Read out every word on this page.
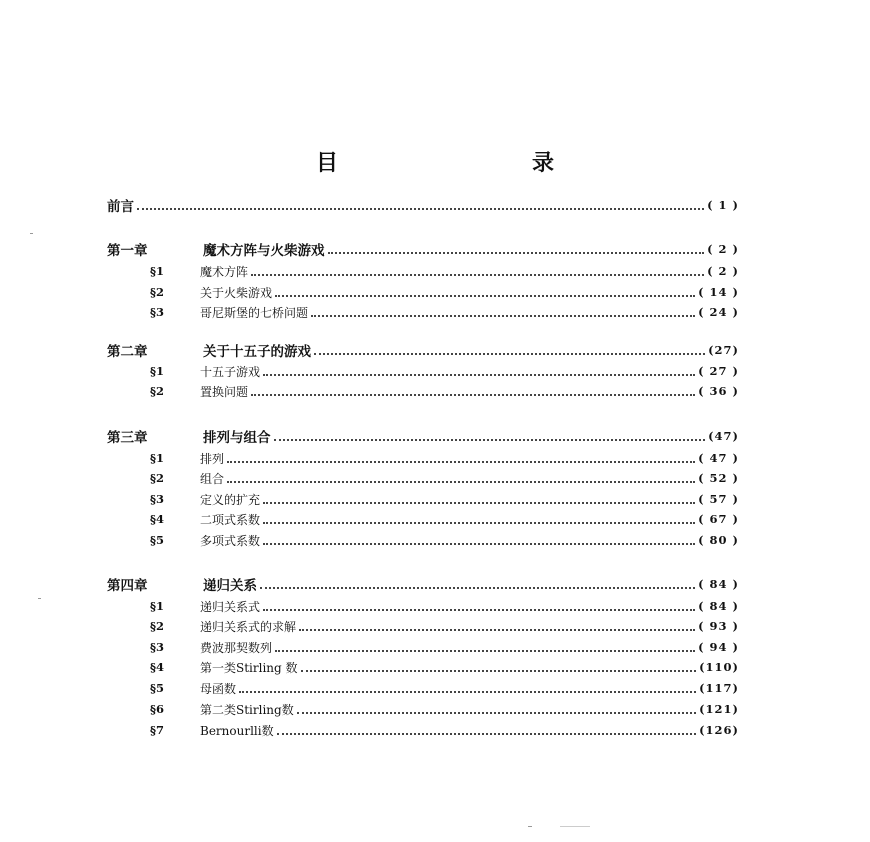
目　录
前言	( 1 )
第一章	魔术方阵与火柴游戏	( 2 )
§1	魔术方阵	( 2 )
§2	关于火柴游戏	( 14 )
§3	哥尼斯堡的七桥问题	( 24 )
第二章	关于十五子的游戏	(27)
§1	十五子游戏	( 27 )
§2	置换问题	( 36 )
第三章	排列与组合	(47)
§1	排列	( 47 )
§2	组合	( 52 )
§3	定义的扩充	( 57 )
§4	二项式系数	( 67 )
§5	多项式系数	( 80 )
第四章	递归关系	( 84 )
§1	递归关系式	( 84 )
§2	递归关系式的求解	( 93 )
§3	费波那契数列	( 94 )
§4	第一类Stirling 数	(110)
§5	母函数	(117)
§6	第二类Stirling数	(121)
§7	Bernourlli数	(126)
